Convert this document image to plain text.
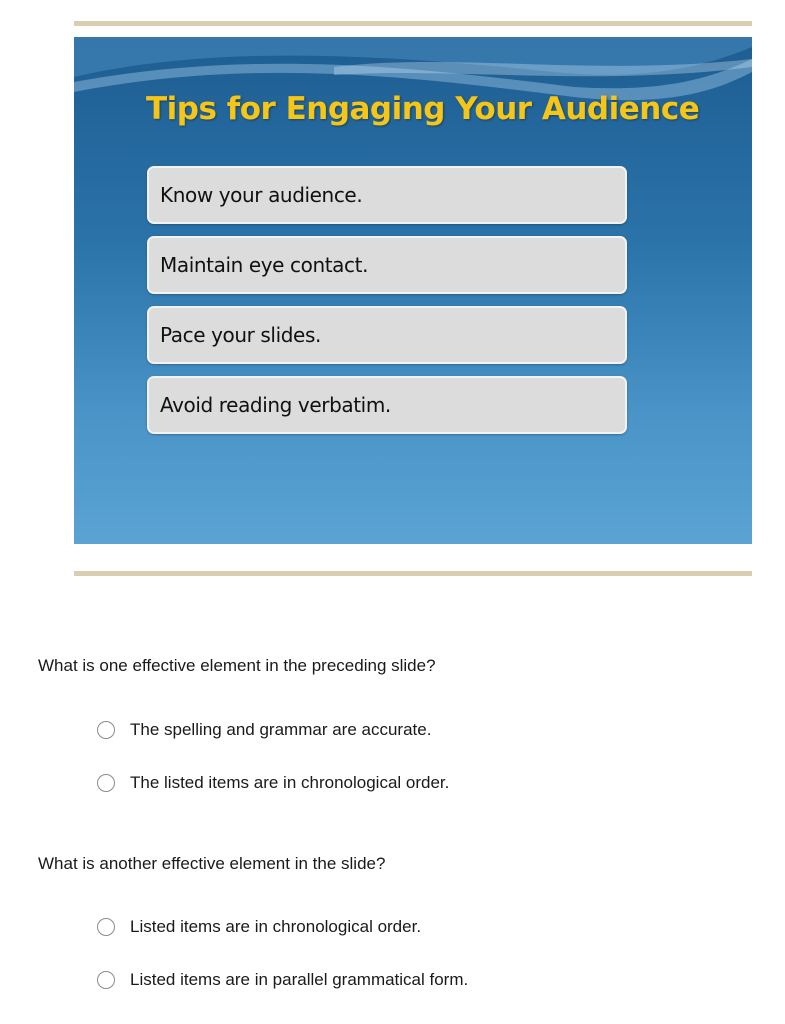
Tips for Engaging Your Audience
Know your audience.
Maintain eye contact.
Pace your slides.
Avoid reading verbatim.

What is one effective element in the preceding slide?

The spelling and grammar are accurate.
The listed items are in chronological order.

What is another effective element in the slide?

Listed items are in chronological order.
Listed items are in parallel grammatical form.
